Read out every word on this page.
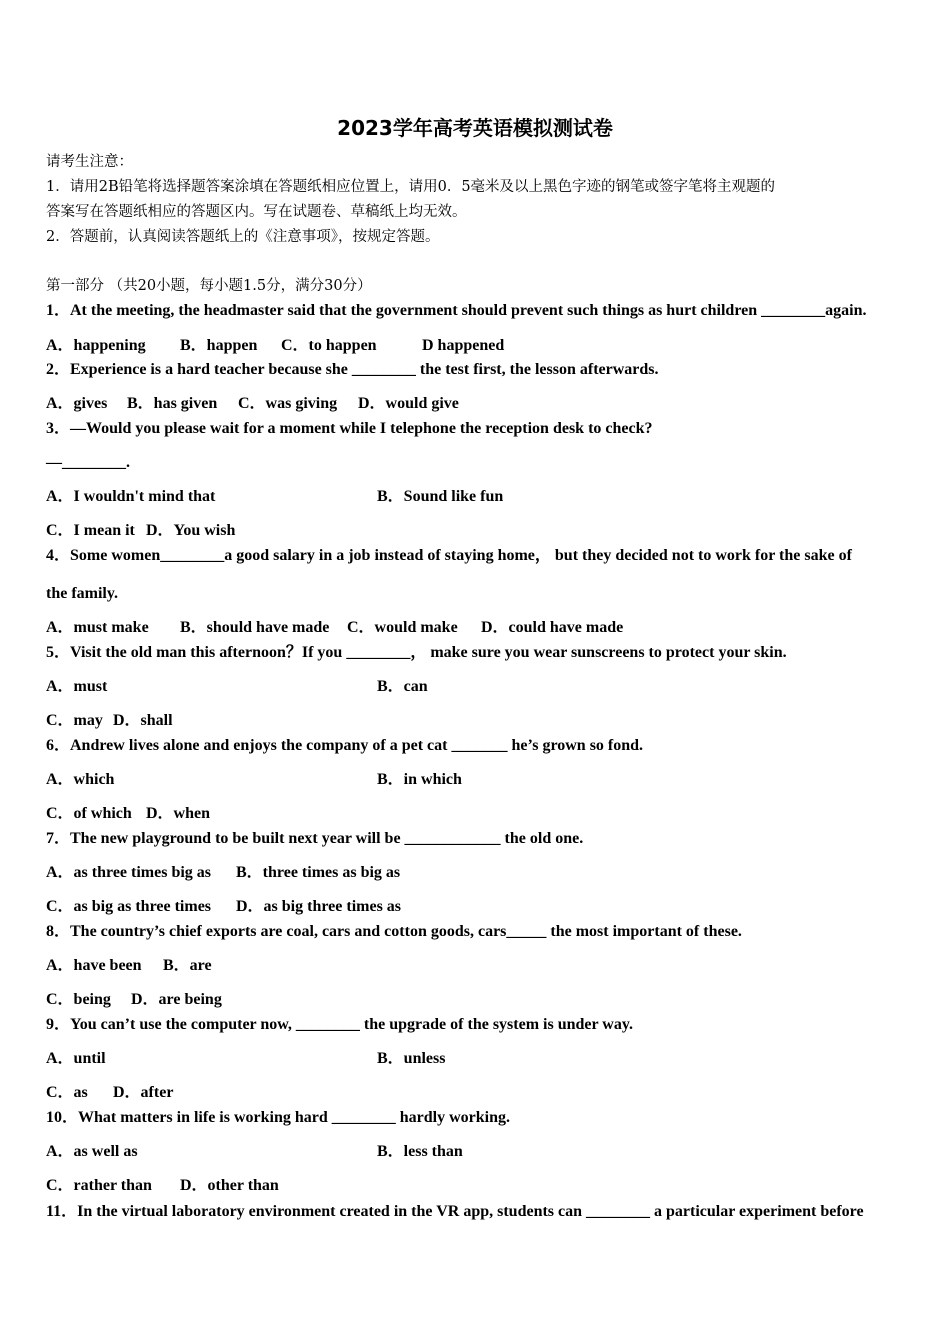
2023学年高考英语模拟测试卷
请考生注意：
1．请用2B铅笔将选择题答案涂填在答题纸相应位置上，请用0．5毫米及以上黑色字迹的钢笔或签字笔将主观题的
答案写在答题纸相应的答题区内。写在试题卷、草稿纸上均无效。
2．答题前，认真阅读答题纸上的《注意事项》，按规定答题。
第一部分 （共20小题，每小题1.5分，满分30分）
1．At the meeting, the headmaster said that the government should prevent such things as hurt children ________again.
A．happening B．happen C．to happen	D happened
2．Experience is a hard teacher because she ________ the test first, the lesson afterwards.
A．gives B．has given C．was giving D．would give
3．—Would you please wait for a moment while I telephone the reception desk to check?
—________.
A．I wouldn't mind that	B．Sound like fun
C．I mean it D．You wish
4．Some women________a good salary in a job instead of staying home， but they decided not to work for the sake of
the family.
A．must make B．should have made C．would make D．could have made
5．Visit the old man this afternoon？If you ________， make sure you wear sunscreens to protect your skin.
A．must	B．can
C．may D．shall
6．Andrew lives alone and enjoys the company of a pet cat _______ he’s grown so fond.
A．which	B．in which
C．of which D．when
7．The new playground to be built next year will be ____________ the old one.
A．as three times big as B．three times as big as
C．as big as three times D．as big three times as
8．The country’s chief exports are coal, cars and cotton goods, cars_____ the most important of these.
A．have been B．are
C．being D．are being
9．You can’t use the computer now, ________ the upgrade of the system is under way.
A．until	B．unless
C．as D．after
10．What matters in life is working hard ________ hardly working.
A．as well as	B．less than
C．rather than D．other than
11．In the virtual laboratory environment created in the VR app, students can ________ a particular experiment before
